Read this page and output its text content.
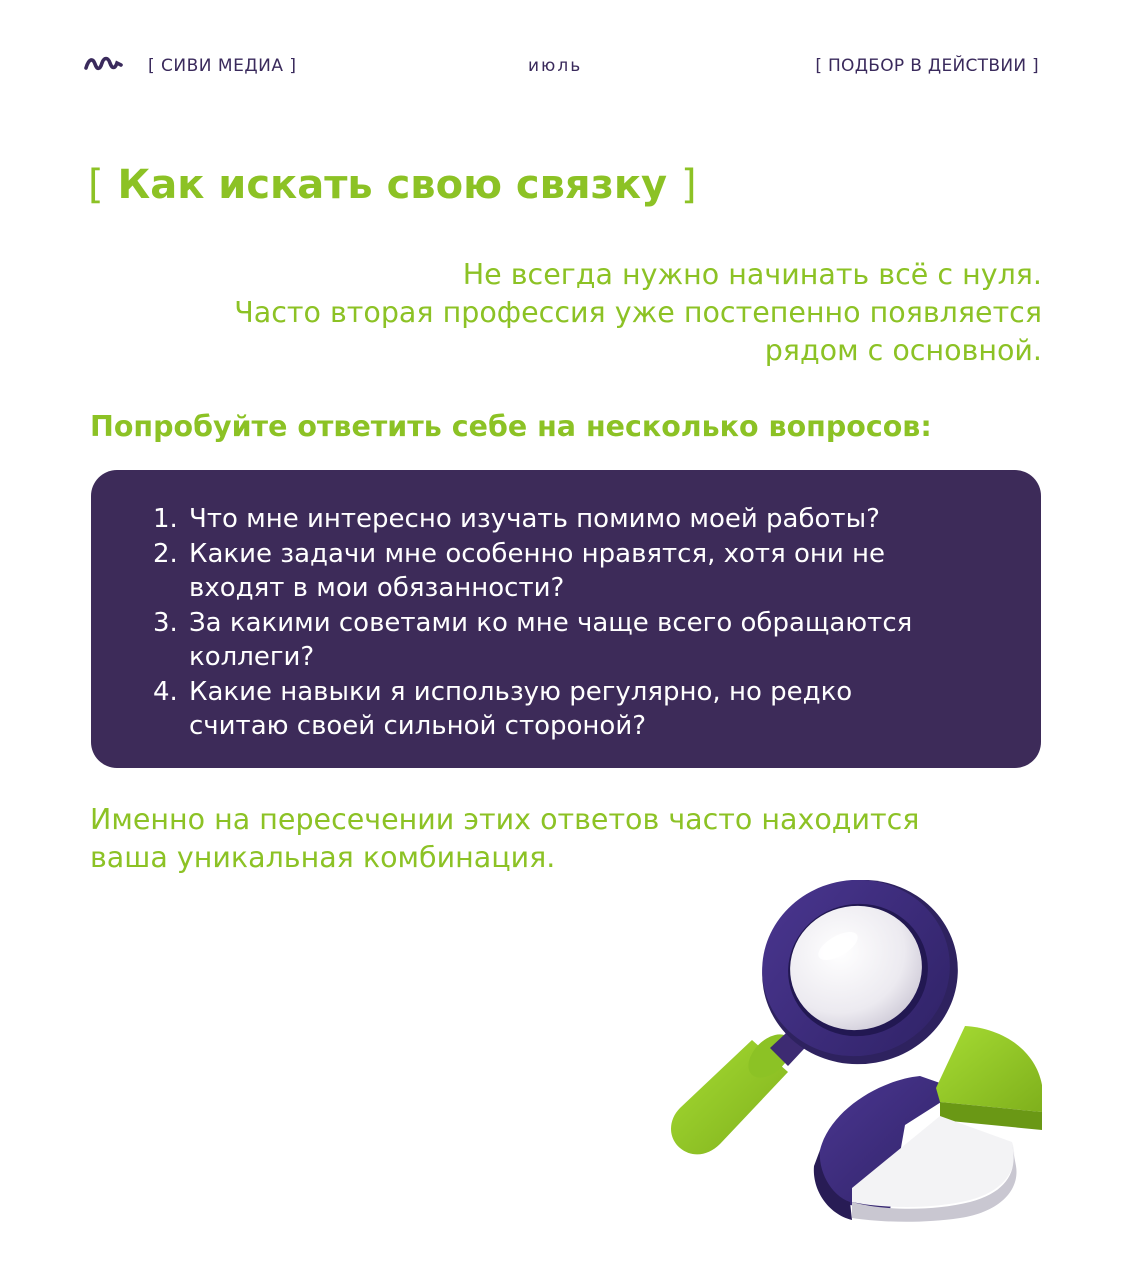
[ СИВИ МЕДИА ]	июль	[ ПОДБОР В ДЕЙСТВИИ ]
[ Как искать свою связку ]
Не всегда нужно начинать всё с нуля.
Часто вторая профессия уже постепенно появляется
рядом с основной.
Попробуйте ответить себе на несколько вопросов:
1. Что мне интересно изучать помимо моей работы?
2. Какие задачи мне особенно нравятся, хотя они не
входят в мои обязанности?
3. За какими советами ко мне чаще всего обращаются
коллеги?
4. Какие навыки я использую регулярно, но редко
считаю своей сильной стороной?
Именно на пересечении этих ответов часто находится
ваша уникальная комбинация.
